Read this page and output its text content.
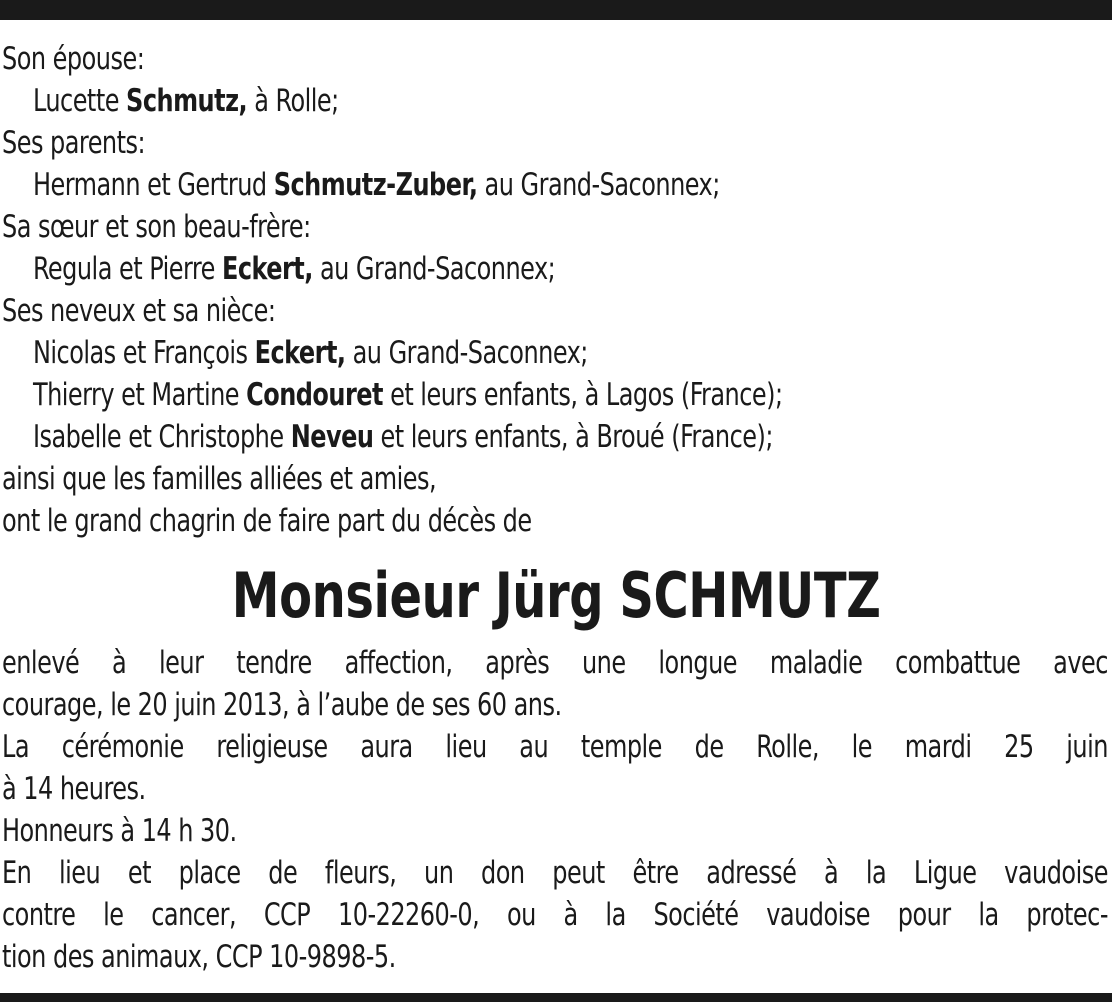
Son épouse:
Lucette Schmutz, à Rolle;
Ses parents:
Hermann et Gertrud Schmutz-Zuber, au Grand-Saconnex;
Sa sœur et son beau-frère:
Regula et Pierre Eckert, au Grand-Saconnex;
Ses neveux et sa nièce:
Nicolas et François Eckert, au Grand-Saconnex;
Thierry et Martine Condouret et leurs enfants, à Lagos (France);
Isabelle et Christophe Neveu et leurs enfants, à Broué (France);
ainsi que les familles alliées et amies,
ont le grand chagrin de faire part du décès de
Monsieur Jürg SCHMUTZ
enlevé à leur tendre affection, après une longue maladie combattue avec
courage, le 20 juin 2013, à l’aube de ses 60 ans.
La cérémonie religieuse aura lieu au temple de Rolle, le mardi 25 juin
à 14 heures.
Honneurs à 14 h 30.
En lieu et place de fleurs, un don peut être adressé à la Ligue vaudoise
contre le cancer, CCP 10-22260-0, ou à la Société vaudoise pour la protec-
tion des animaux, CCP 10-9898-5.
